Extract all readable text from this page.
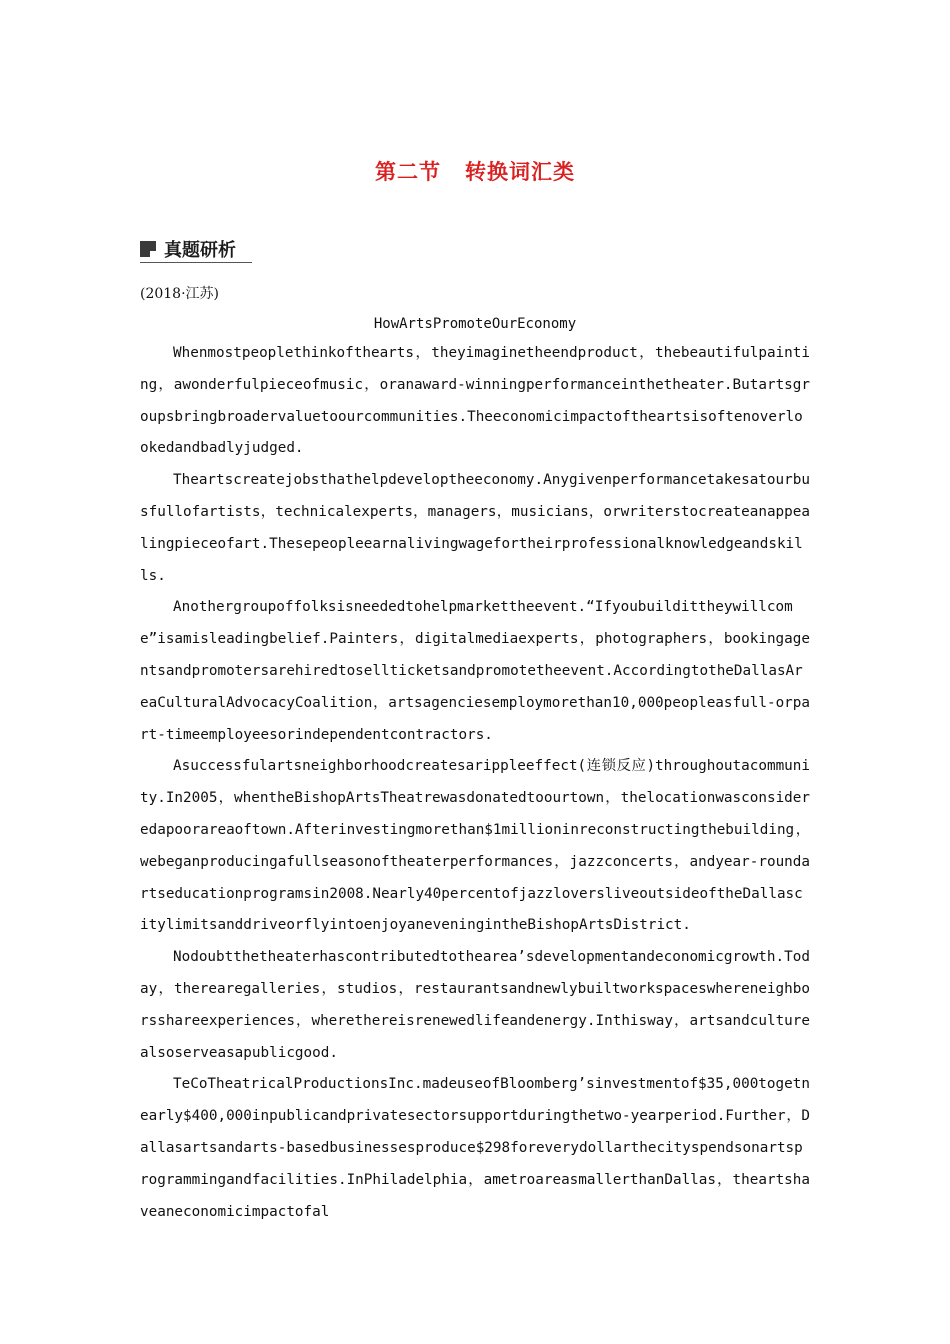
第二节 转换词汇类
真题研析
(2018·江苏)
HowArtsPromoteOurEconomy

Whenmostpeoplethinkofthearts，theyimaginetheendproduct，thebeautifulpainting，awonderfulpieceofmusic，oranaward-winningperformanceinthetheater.Butartsgroupsbringbroadervaluetoourcommunities.Theeconomicimpactoftheartsisoftenoverlookedandbadlyjudged.

Theartscreatejobsthathelpdeveloptheeconomy.Anygivenperformancetakesatourbusfullofartists，technicalexperts，managers，musicians，orwriterstocreateanappealingpieceofart.Thesepeopleearnalivingwagefortheirprofessionalknowledgeandskills.

Anothergroupoffolksisneededtohelpmarkettheevent.“Ifyoubuildittheywillcome”isamisleadingbelief.Painters，digitalmediaexperts，photographers，bookingagentsandpromotersarehiredtosellticketsandpromotetheevent.AccordingtotheDallasAreaCulturalAdvocacyCoalition，artsagenciesemploymorethan10,000peopleasfull-orpart-timeemployeesorindependentcontractors.

Asuccessfulartsneighborhoodcreatesarippleeffect(连锁反应)throughoutacommunity.In2005，whentheBishopArtsTheatrewasdonatedtoourtown，thelocationwasconsideredapoorareaoftown.Afterinvestingmorethan$1millioninreconstructingthebuilding，webeganproducingafullseasonoftheaterperformances，jazzconcerts，andyear-roundartseducationprogramsin2008.Nearly40percentofjazzloversliveoutsideoftheDallascitylimitsanddriveorflyintoenjoyaneveningintheBishopArtsDistrict.

Nodoubtthetheaterhascontributedtothearea’sdevelopmentandeconomicgrowth.Today，therearegalleries，studios，restaurantsandnewlybuiltworkspaceswhereneighborsshareexperiences，wherethereisrenewedlifeandenergy.Inthisway，artsandculturealsoserveasapublicgood.

TeCoTheatricalProductionsInc.madeuseofBloomberg’sinvestmentof$35,000togetnearly$400,000inpublicandprivatesectorsupportduringthetwo-yearperiod.Further，Dallasartsandarts-basedbusinessesproduce$298foreverydollarthecityspendsonartsprogrammingandfacilities.InPhiladelphia，ametroareasmallerthanDallas，theartshaveaneconomicimpactofal
